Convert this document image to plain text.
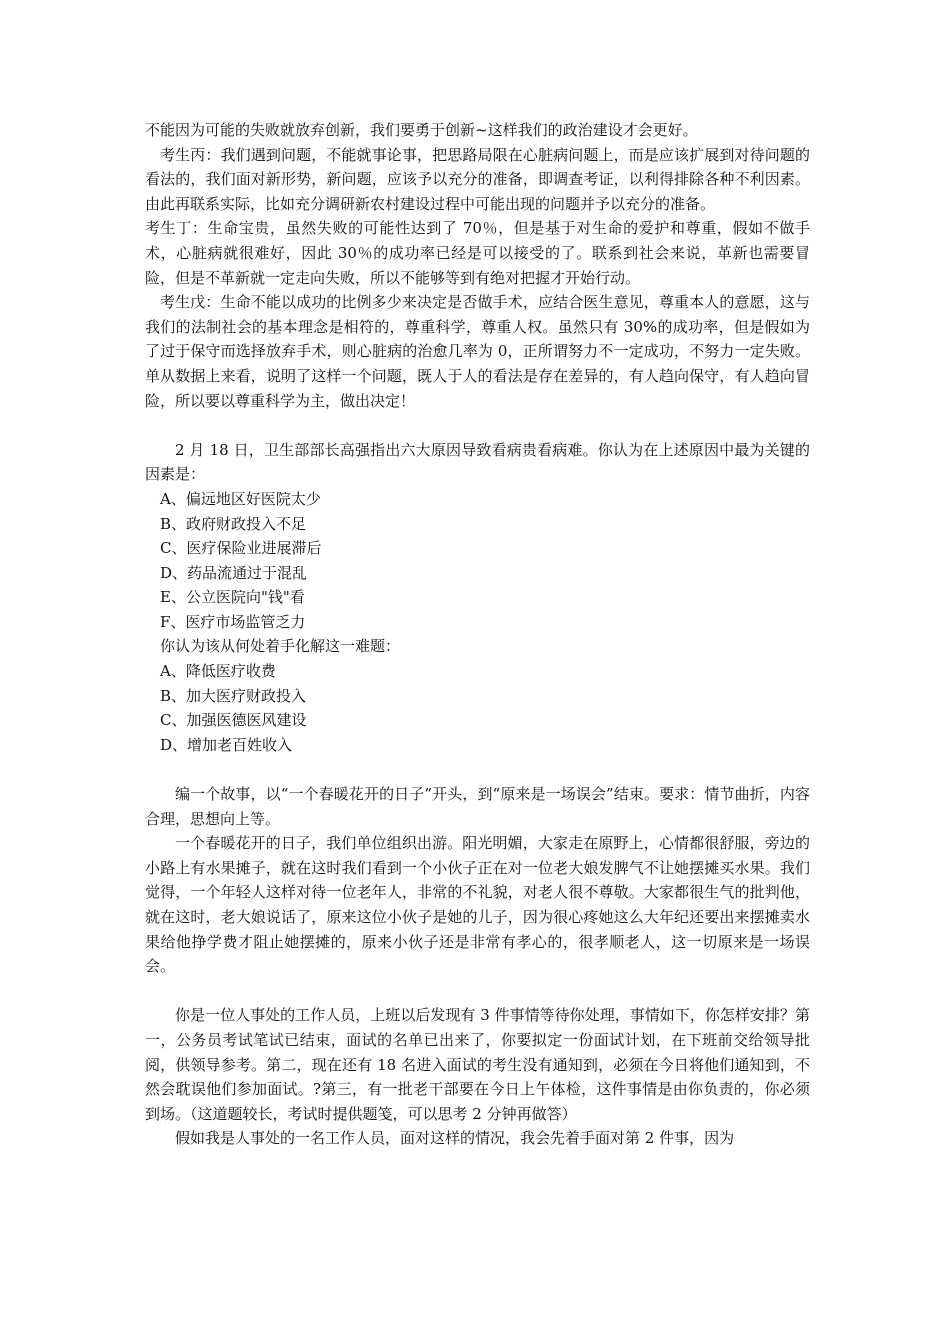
不能因为可能的失败就放弃创新，我们要勇于创新~这样我们的政治建设才会更好。

考生丙：我们遇到问题，不能就事论事，把思路局限在心脏病问题上，而是应该扩展到对待问题的看法的，我们面对新形势，新问题，应该予以充分的准备，即调查考证，以利得排除各种不利因素。由此再联系实际，比如充分调研新农村建设过程中可能出现的问题并予以充分的准备。

考生丁：生命宝贵，虽然失败的可能性达到了 70％，但是基于对生命的爱护和尊重，假如不做手术，心脏病就很难好，因此 30％的成功率已经是可以接受的了。联系到社会来说，革新也需要冒险，但是不革新就一定走向失败，所以不能够等到有绝对把握才开始行动。

考生戊：生命不能以成功的比例多少来决定是否做手术，应结合医生意见，尊重本人的意愿，这与我们的法制社会的基本理念是相符的，尊重科学，尊重人权。虽然只有 30%的成功率，但是假如为了过于保守而选择放弃手术，则心脏病的治愈几率为 0，正所谓努力不一定成功，不努力一定失败。单从数据上来看，说明了这样一个问题，既人于人的看法是存在差异的，有人趋向保守，有人趋向冒险，所以要以尊重科学为主，做出决定！

2 月 18 日，卫生部部长高强指出六大原因导致看病贵看病难。你认为在上述原因中最为关键的因素是：

A、偏远地区好医院太少

B、政府财政投入不足

C、医疗保险业进展滞后

D、药品流通过于混乱

E、公立医院向"钱"看

F、医疗市场监管乏力

你认为该从何处着手化解这一难题：

A、降低医疗收费

B、加大医疗财政投入

C、加强医德医风建设

D、增加老百姓收入

编一个故事，以“一个春暖花开的日子”开头，到“原来是一场误会”结束。要求：情节曲折，内容合理，思想向上等。

一个春暖花开的日子，我们单位组织出游。阳光明媚，大家走在原野上，心情都很舒服，旁边的小路上有水果摊子，就在这时我们看到一个小伙子正在对一位老大娘发脾气不让她摆摊买水果。我们觉得，一个年轻人这样对待一位老年人，非常的不礼貌，对老人很不尊敬。大家都很生气的批判他，就在这时，老大娘说话了，原来这位小伙子是她的儿子，因为很心疼她这么大年纪还要出来摆摊卖水果给他挣学费才阻止她摆摊的，原来小伙子还是非常有孝心的，很孝顺老人，这一切原来是一场误会。

你是一位人事处的工作人员，上班以后发现有 3 件事情等待你处理，事情如下，你怎样安排？第一，公务员考试笔试已结束，面试的名单已出来了，你要拟定一份面试计划，在下班前交给领导批阅，供领导参考。第二，现在还有 18 名进入面试的考生没有通知到，必须在今日将他们通知到，不然会耽误他们参加面试。?第三，有一批老干部要在今日上午体检，这件事情是由你负责的，你必须到场。（这道题较长，考试时提供题笺，可以思考 2 分钟再做答）

假如我是人事处的一名工作人员，面对这样的情况，我会先着手面对第 2 件事，因为
